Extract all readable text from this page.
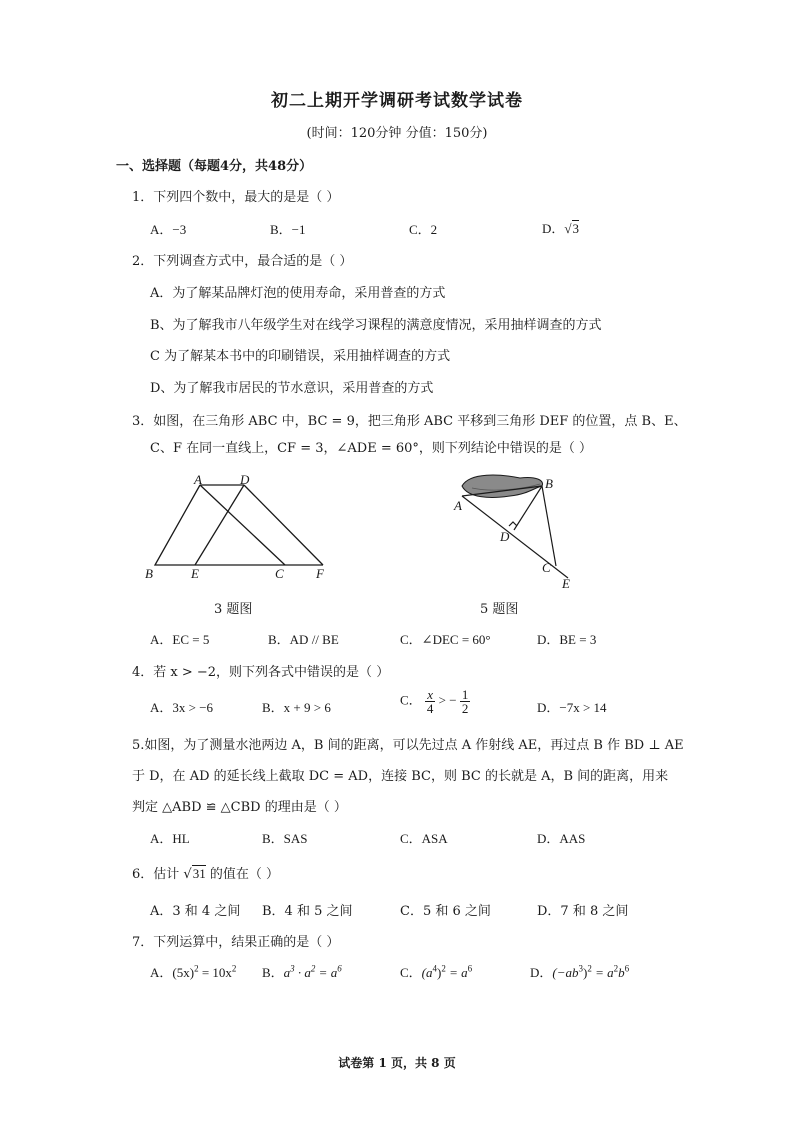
初二上期开学调研考试数学试卷
(时间：120分钟 分值：150分)
一、选择题（每题4分，共48分）
1．下列四个数中，最大的是是（ ）
A．−3	B．−1	C．2	D．√3
2．下列调查方式中，最合适的是（ ）
A．为了解某品牌灯泡的使用寿命，采用普查的方式
B、为了解我市八年级学生对在线学习课程的满意度情况，采用抽样调查的方式
C 为了解某本书中的印刷错误，采用抽样调查的方式
D、为了解我市居民的节水意识，采用普查的方式
3．如图，在三角形 ABC 中，BC = 9，把三角形 ABC 平移到三角形 DEF 的位置，点 B、E、
C、F 在同一直线上，CF = 3，∠ADE = 60°，则下列结论中错误的是（ ）
A	D
B	E	C F
3 题图
B
A
D
C
E
5 题图
A．EC = 5	B．AD // BE	C．∠DEC = 60°	D．BE = 3
4．若 x > −2，则下列各式中错误的是（ ）
A．3x > −6	B．x + 9 > 6
C． $\frac{x}{4}$ > − $\frac{1}{2}$	D．−7x > 14
5.如图，为了测量水池两边 A，B 间的距离，可以先过点 A 作射线 AE，再过点 B 作 BD ⊥ AE
于 D，在 AD 的延长线上截取 DC = AD，连接 BC，则 BC 的长就是 A，B 间的距离，用来
判定 △ABD ≌ △CBD 的理由是（ ）
A．HL	B．SAS	C．ASA	D．AAS
6．估计 √31 的值在（ ）
A．3 和 4 之间 B．4 和 5 之间	C．5 和 6 之间	D．7 和 8 之间
7．下列运算中，结果正确的是（ ）
A．$(5x)^2 = 10x^2$ B．$a^3 \cdot a^2 = a^6$	C．$(a^4)^2 = a^6$	D．$(-ab^3)^2 = a^2b^6$
试卷第 1 页，共 8 页
